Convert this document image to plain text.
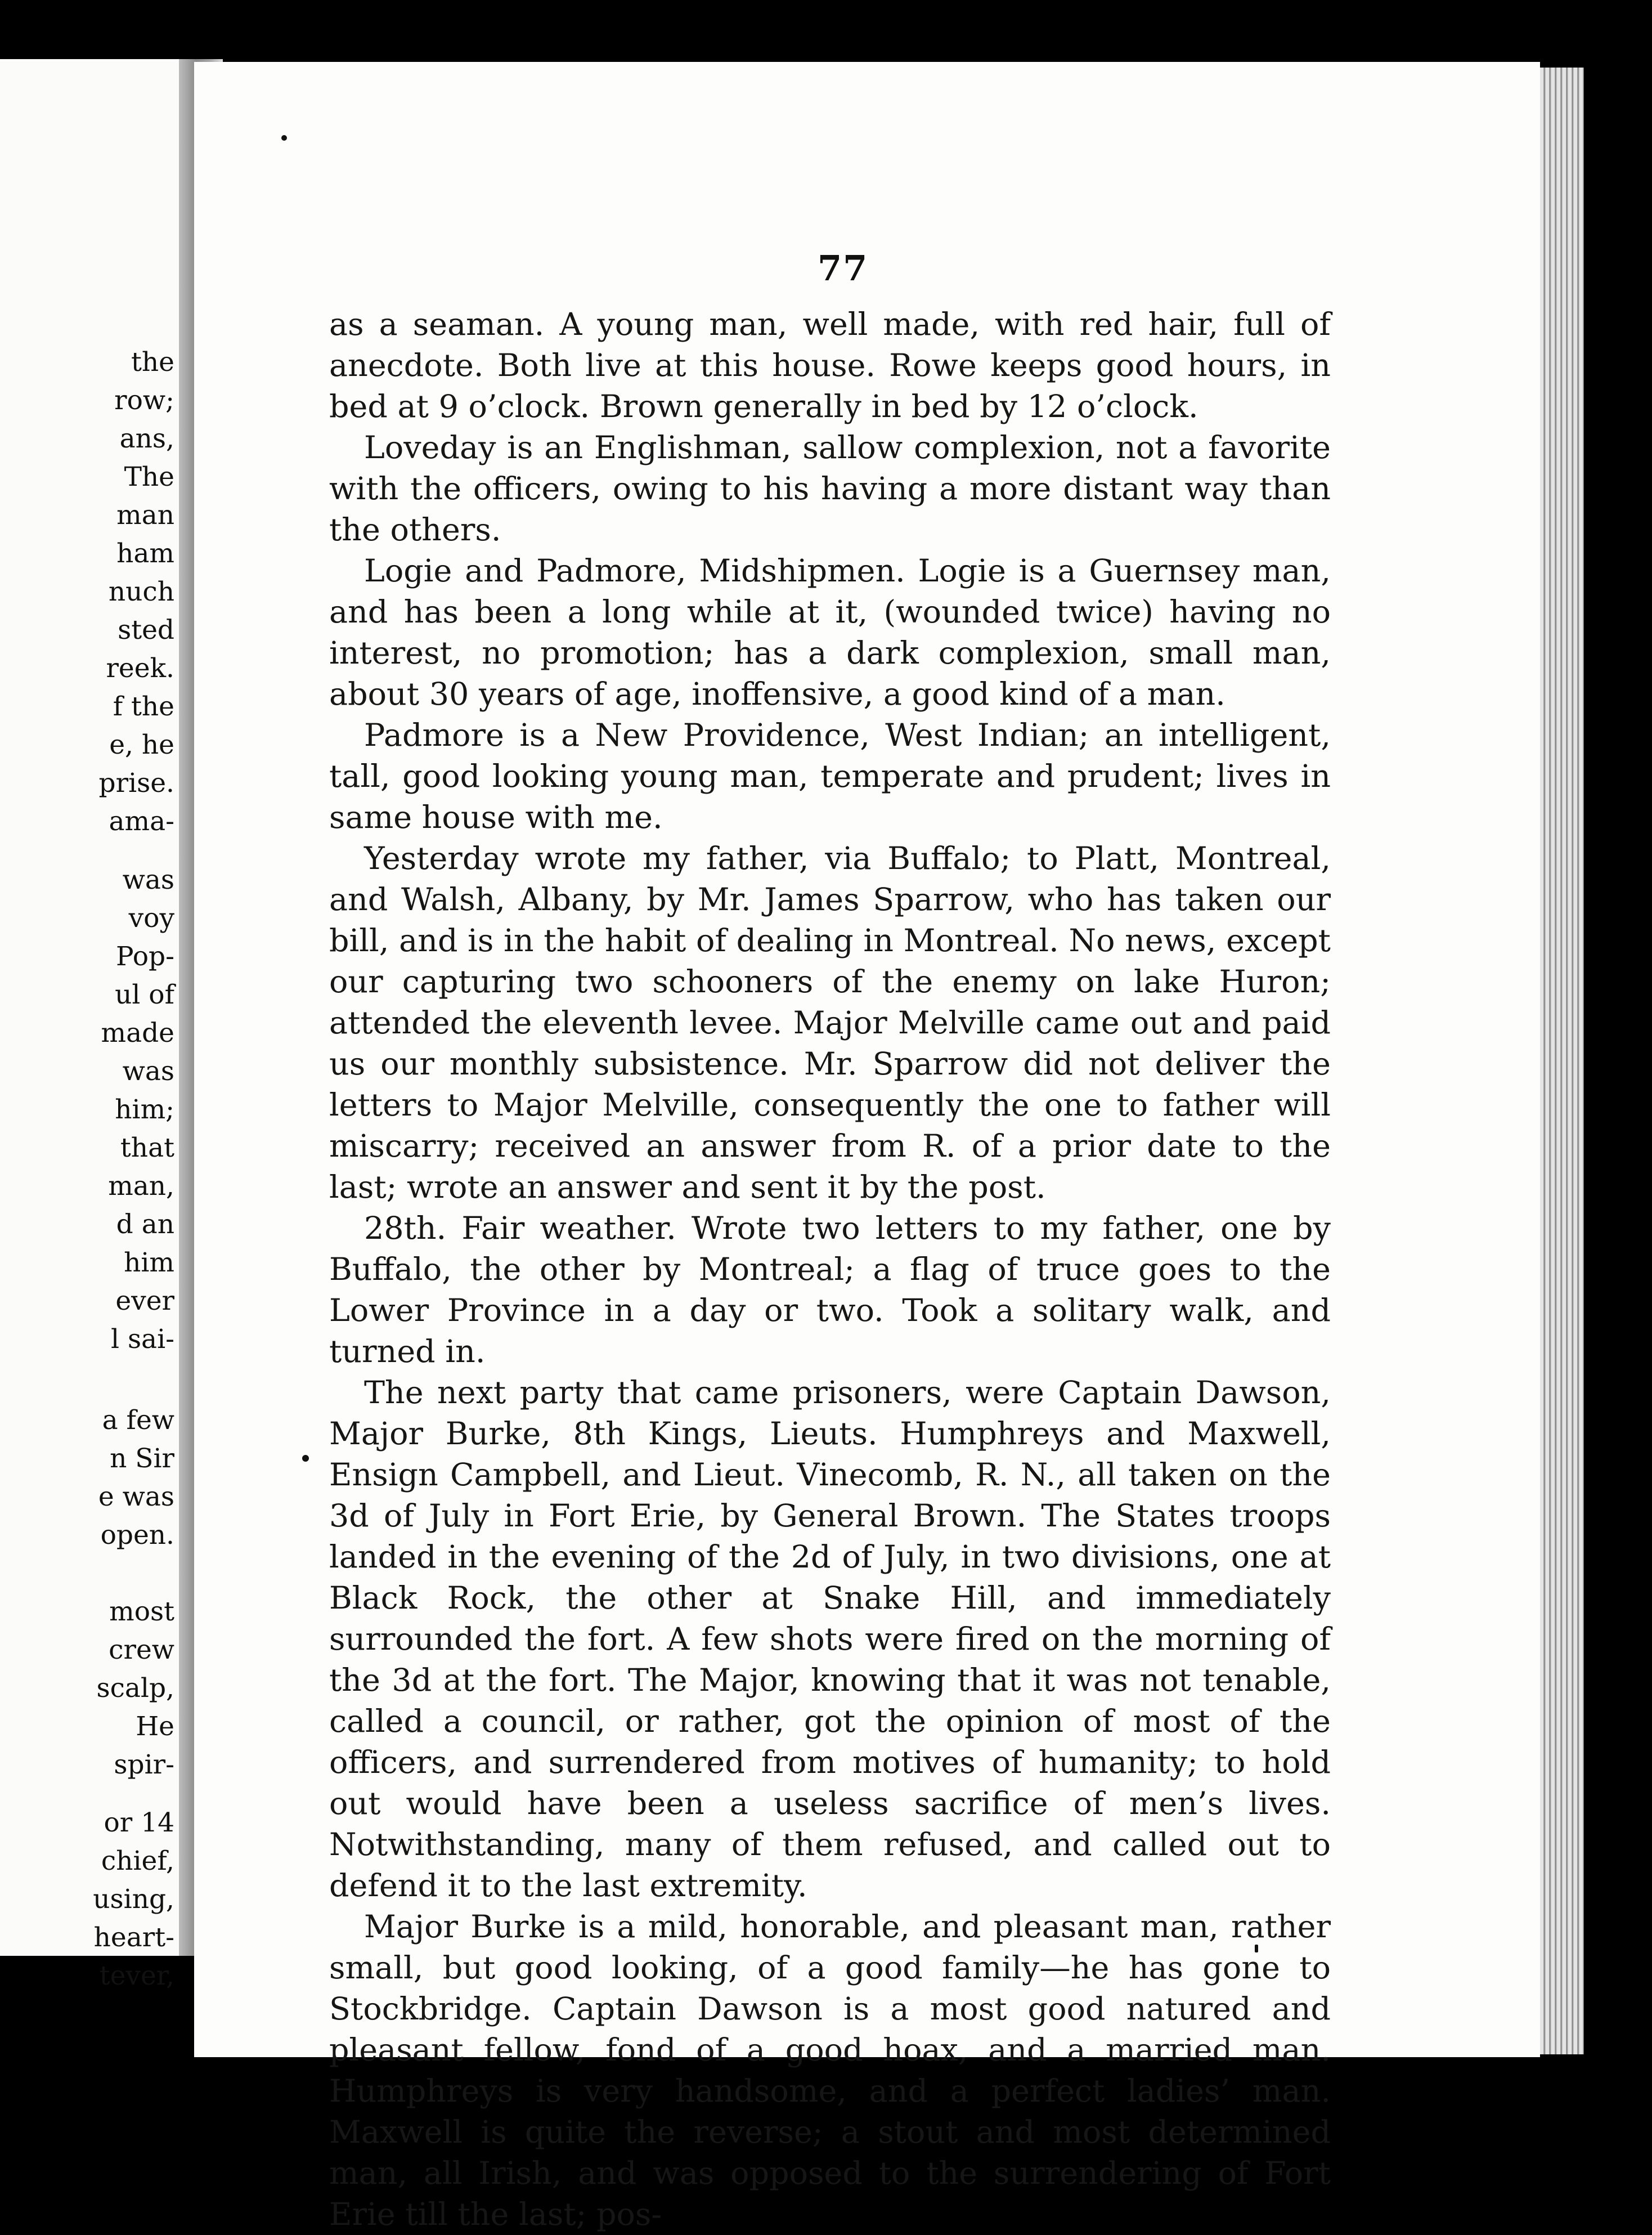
the
row;
ans,
The
man
ham
nuch
sted
reek.
f the
e, he
prise.
ama-
was
voy
Pop-
ul of
made
was
him;
that
man,
d an
him
ever
l sai-
a few
n Sir
e was
open.
most
crew
scalp,
He
spir-
or 14
chief,
using,
heart-
tever,
77

as a seaman. A young man, well made, with red hair, full of anecdote. Both live at this house. Rowe keeps good hours, in bed at 9 o’clock. Brown generally in bed by 12 o’clock.

Loveday is an Englishman, sallow complexion, not a favorite with the officers, owing to his having a more distant way than the others.

Logie and Padmore, Midshipmen. Logie is a Guernsey man, and has been a long while at it, (wounded twice) having no interest, no promotion; has a dark complexion, small man, about 30 years of age, inoffensive, a good kind of a man.

Padmore is a New Providence, West Indian; an intelligent, tall, good looking young man, temperate and prudent; lives in same house with me.

Yesterday wrote my father, via Buffalo; to Platt, Montreal, and Walsh, Albany, by Mr. James Sparrow, who has taken our bill, and is in the habit of dealing in Montreal. No news, except our capturing two schooners of the enemy on lake Huron; attended the eleventh levee. Major Melville came out and paid us our monthly subsistence. Mr. Sparrow did not deliver the letters to Major Melville, consequently the one to father will miscarry; received an answer from R. of a prior date to the last; wrote an answer and sent it by the post.

28th. Fair weather. Wrote two letters to my father, one by Buffalo, the other by Montreal; a flag of truce goes to the Lower Province in a day or two. Took a solitary walk, and turned in.

The next party that came prisoners, were Captain Dawson, Major Burke, 8th Kings, Lieuts. Humphreys and Maxwell, Ensign Campbell, and Lieut. Vinecomb, R. N., all taken on the 3d of July in Fort Erie, by General Brown. The States troops landed in the evening of the 2d of July, in two divisions, one at Black Rock, the other at Snake Hill, and immediately surrounded the fort. A few shots were fired on the morning of the 3d at the fort. The Major, knowing that it was not tenable, called a council, or rather, got the opinion of most of the officers, and surrendered from motives of humanity; to hold out would have been a useless sacrifice of men’s lives. Notwithstanding, many of them refused, and called out to defend it to the last extremity.

Major Burke is a mild, honorable, and pleasant man, rather small, but good looking, of a good family—he has gone to Stockbridge. Captain Dawson is a most good natured and pleasant fellow, fond of a good hoax, and a married man. Humphreys is very handsome, and a perfect ladies’ man. Maxwell is quite the reverse; a stout and most determined man, all Irish, and was opposed to the surrendering of Fort Erie till the last; pos-
